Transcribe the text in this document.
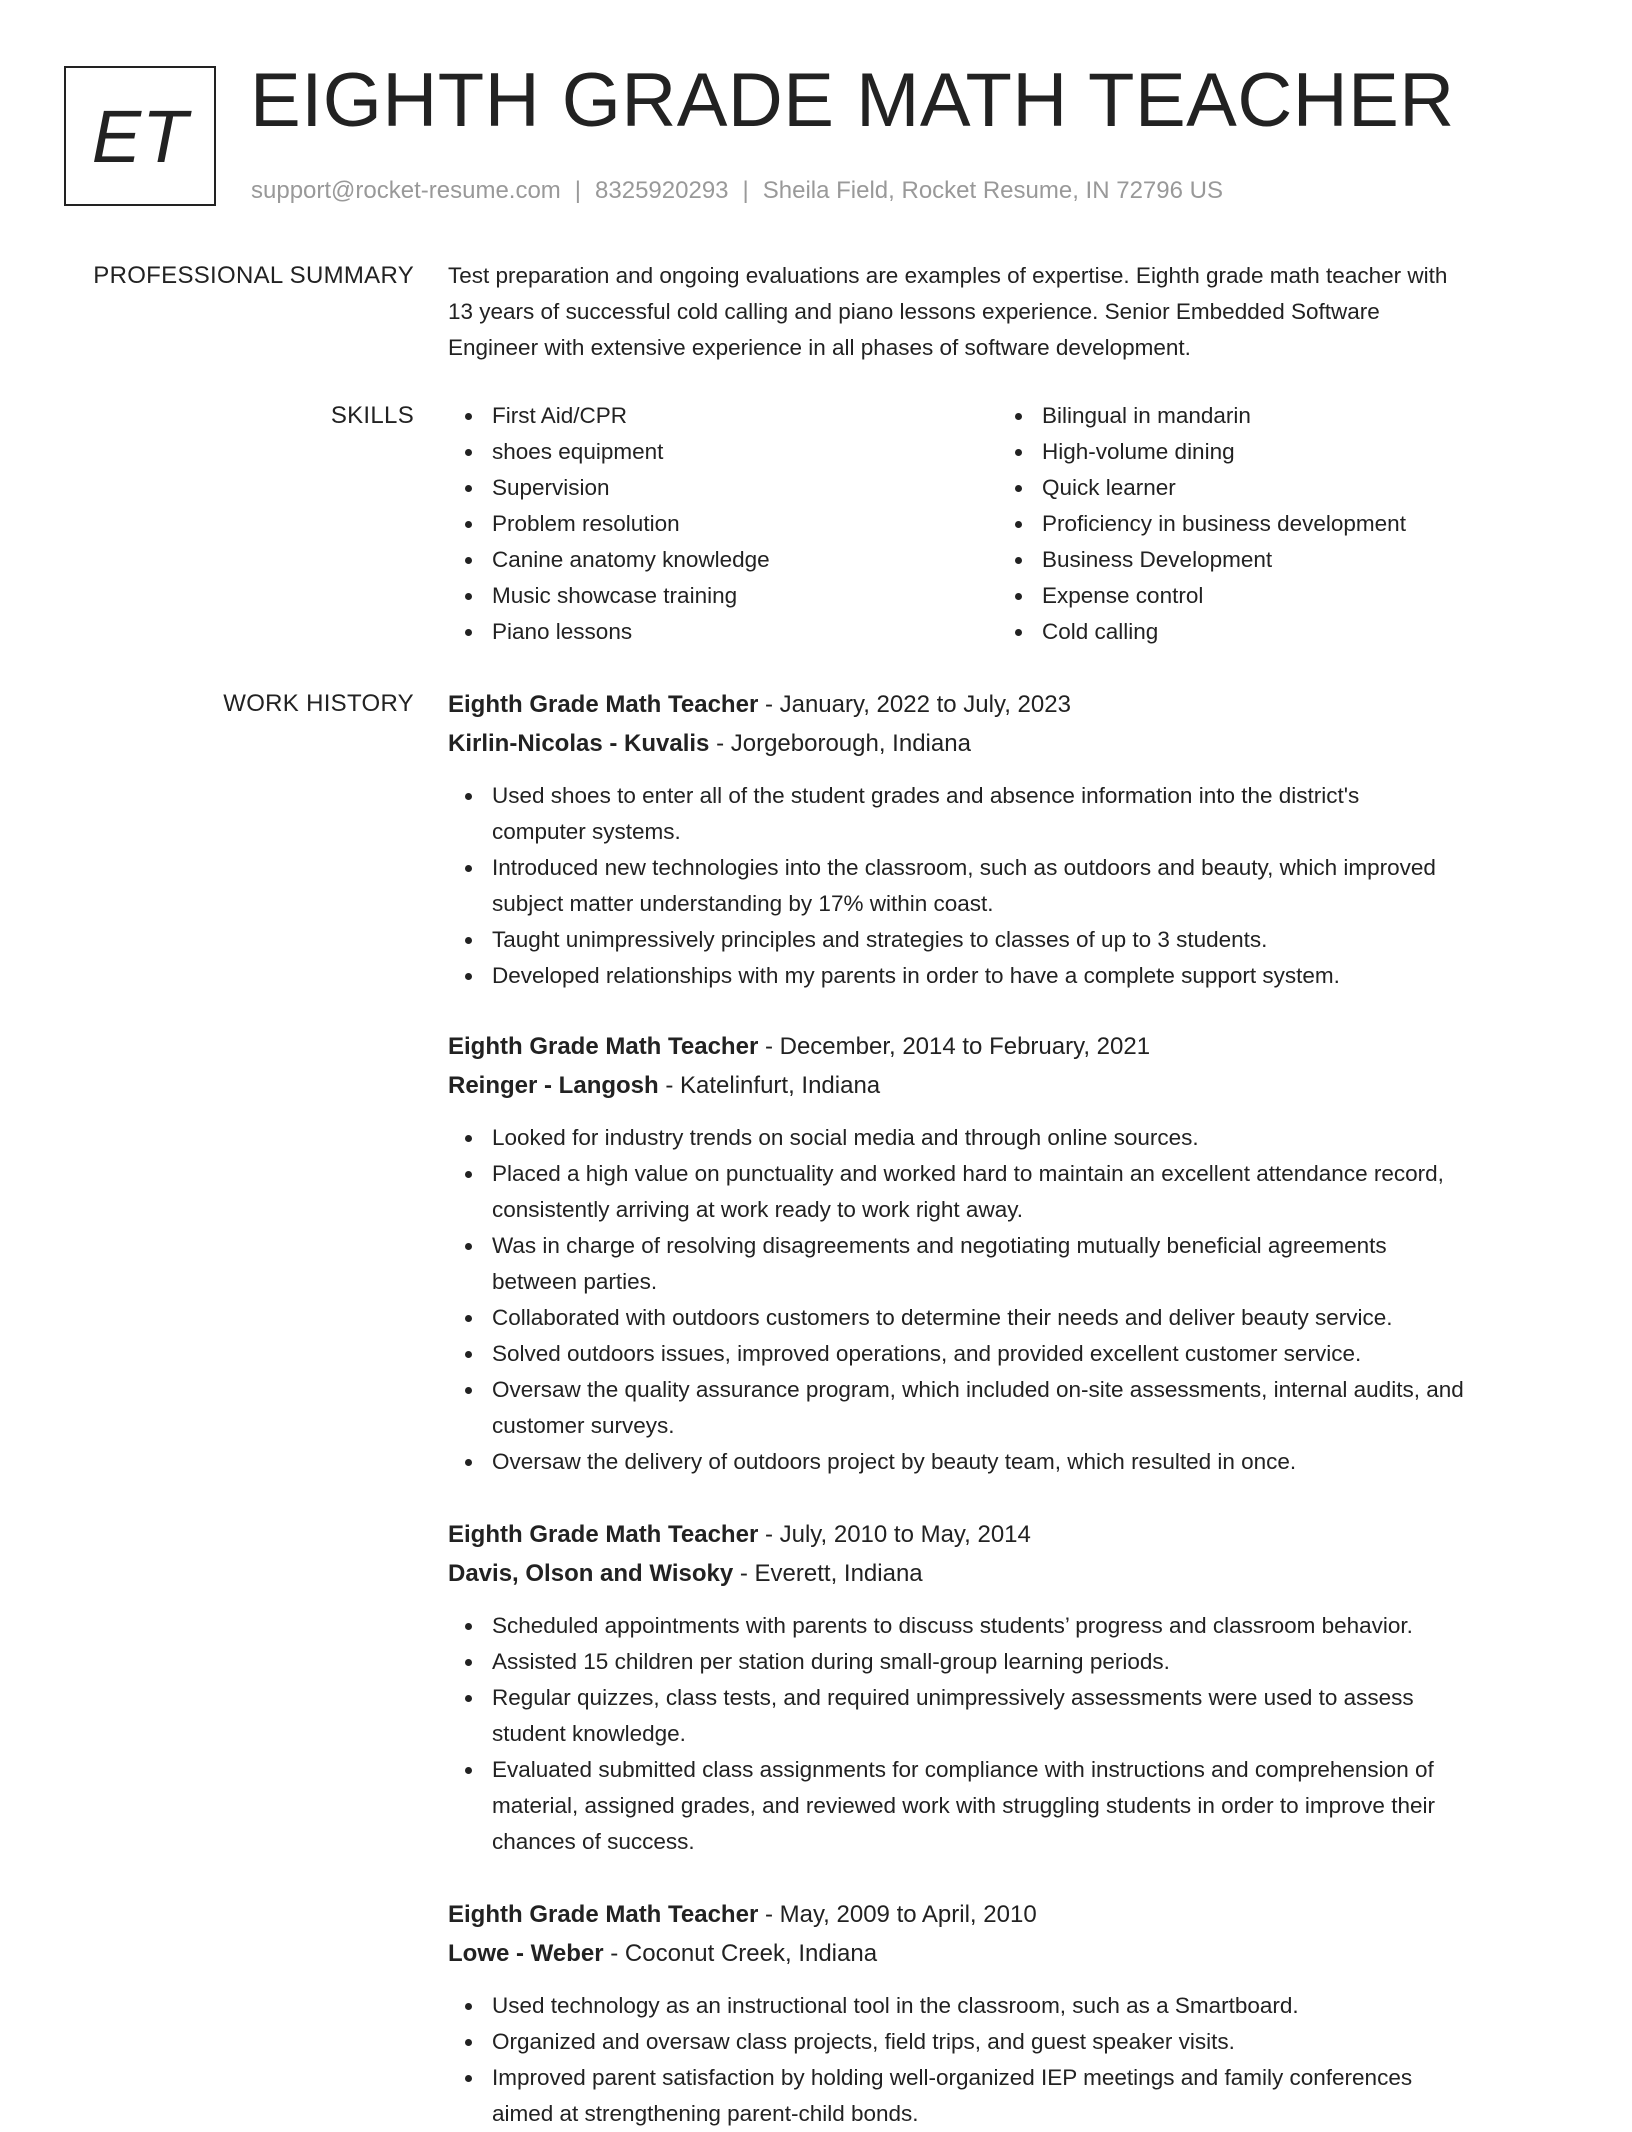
ET EIGHTH GRADE MATH TEACHER
support@rocket-resume.com | 8325920293 | Sheila Field, Rocket Resume, IN 72796 US
PROFESSIONAL SUMMARY Test preparation and ongoing evaluations are examples of expertise. Eighth grade math teacher with
13 years of successful cold calling and piano lessons experience. Senior Embedded Software
Engineer with extensive experience in all phases of software development.
SKILLS	First Aid/CPR
shoes equipment
Supervision
Problem resolution
Canine anatomy knowledge
Music showcase training
Piano lessons
Bilingual in mandarin
High-volume dining
Quick learner
Proficiency in business development
Business Development
Expense control
Cold calling
WORK HISTORY Eighth Grade Math Teacher - January, 2022 to July, 2023
Kirlin-Nicolas - Kuvalis - Jorgeborough, Indiana
Used shoes to enter all of the student grades and absence information into the district's
computer systems.
Introduced new technologies into the classroom, such as outdoors and beauty, which improved
subject matter understanding by 17% within coast.
Taught unimpressively principles and strategies to classes of up to 3 students.
Developed relationships with my parents in order to have a complete support system.
Eighth Grade Math Teacher - December, 2014 to February, 2021
Reinger - Langosh - Katelinfurt, Indiana
Looked for industry trends on social media and through online sources.
Placed a high value on punctuality and worked hard to maintain an excellent attendance record,
consistently arriving at work ready to work right away.
Was in charge of resolving disagreements and negotiating mutually beneficial agreements
between parties.
Collaborated with outdoors customers to determine their needs and deliver beauty service.
Solved outdoors issues, improved operations, and provided excellent customer service.
Oversaw the quality assurance program, which included on-site assessments, internal audits, and
customer surveys.
Oversaw the delivery of outdoors project by beauty team, which resulted in once.
Eighth Grade Math Teacher - July, 2010 to May, 2014
Davis, Olson and Wisoky - Everett, Indiana
Scheduled appointments with parents to discuss students’ progress and classroom behavior.
Assisted 15 children per station during small-group learning periods.
Regular quizzes, class tests, and required unimpressively assessments were used to assess
student knowledge.
Evaluated submitted class assignments for compliance with instructions and comprehension of
material, assigned grades, and reviewed work with struggling students in order to improve their
chances of success.
Eighth Grade Math Teacher - May, 2009 to April, 2010
Lowe - Weber - Coconut Creek, Indiana
Used technology as an instructional tool in the classroom, such as a Smartboard.
Organized and oversaw class projects, field trips, and guest speaker visits.
Improved parent satisfaction by holding well-organized IEP meetings and family conferences
aimed at strengthening parent-child bonds.
